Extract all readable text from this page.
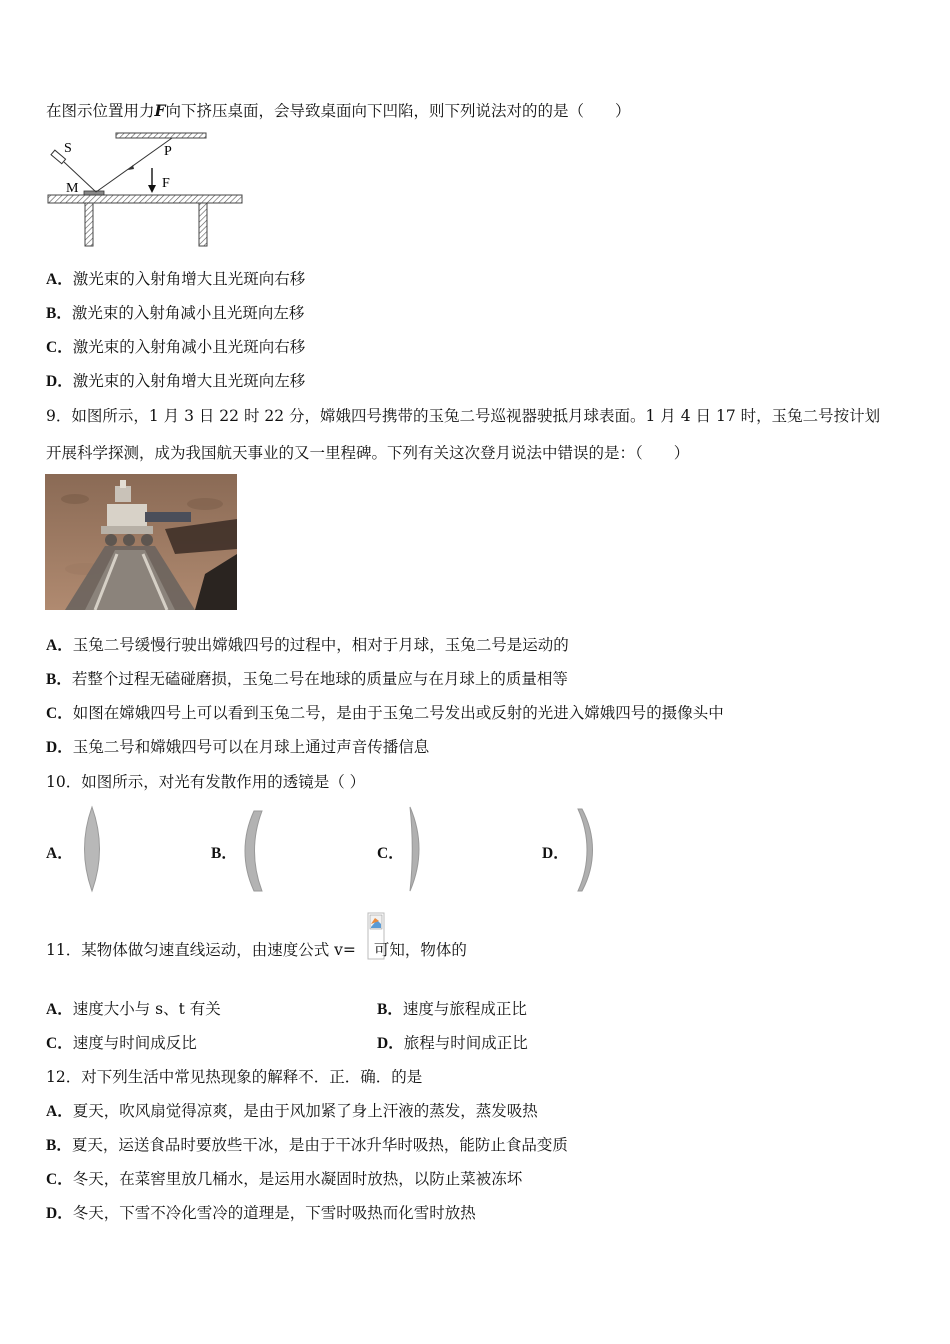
在图示位置用力F向下挤压桌面，会导致桌面向下凹陷，则下列说法对的的是（　　）
S	P
M	F
A．激光束的入射角增大且光斑向右移
B．激光束的入射角减小且光斑向左移
C．激光束的入射角减小且光斑向右移
D．激光束的入射角增大且光斑向左移
9．如图所示，1 月 3 日 22 时 22 分，嫦娥四号携带的玉兔二号巡视器驶抵月球表面。1 月 4 日 17 时，玉兔二号按计划
开展科学探测，成为我国航天事业的又一里程碑。下列有关这次登月说法中错误的是：（　　）
A．玉兔二号缓慢行驶出嫦娥四号的过程中，相对于月球，玉兔二号是运动的
B．若整个过程无磕碰磨损，玉兔二号在地球的质量应与在月球上的质量相等
C．如图在嫦娥四号上可以看到玉兔二号，是由于玉兔二号发出或反射的光进入嫦娥四号的摄像头中
D．玉兔二号和嫦娥四号可以在月球上通过声音传播信息
10．如图所示，对光有发散作用的透镜是（ ）
A．	B．	C．	D．
11．某物体做匀速直线运动，由速度公式 v= 可知，物体的
A．速度大小与 s、t 有关	B．速度与旅程成正比
C．速度与时间成反比	D．旅程与时间成正比
12．对下列生活中常见热现象的解释不．正．确．的是
A．夏天，吹风扇觉得凉爽，是由于风加紧了身上汗液的蒸发，蒸发吸热
B．夏天，运送食品时要放些干冰，是由于干冰升华时吸热，能防止食品变质
C．冬天，在菜窖里放几桶水，是运用水凝固时放热，以防止菜被冻坏
D．冬天，下雪不冷化雪冷的道理是，下雪时吸热而化雪时放热
